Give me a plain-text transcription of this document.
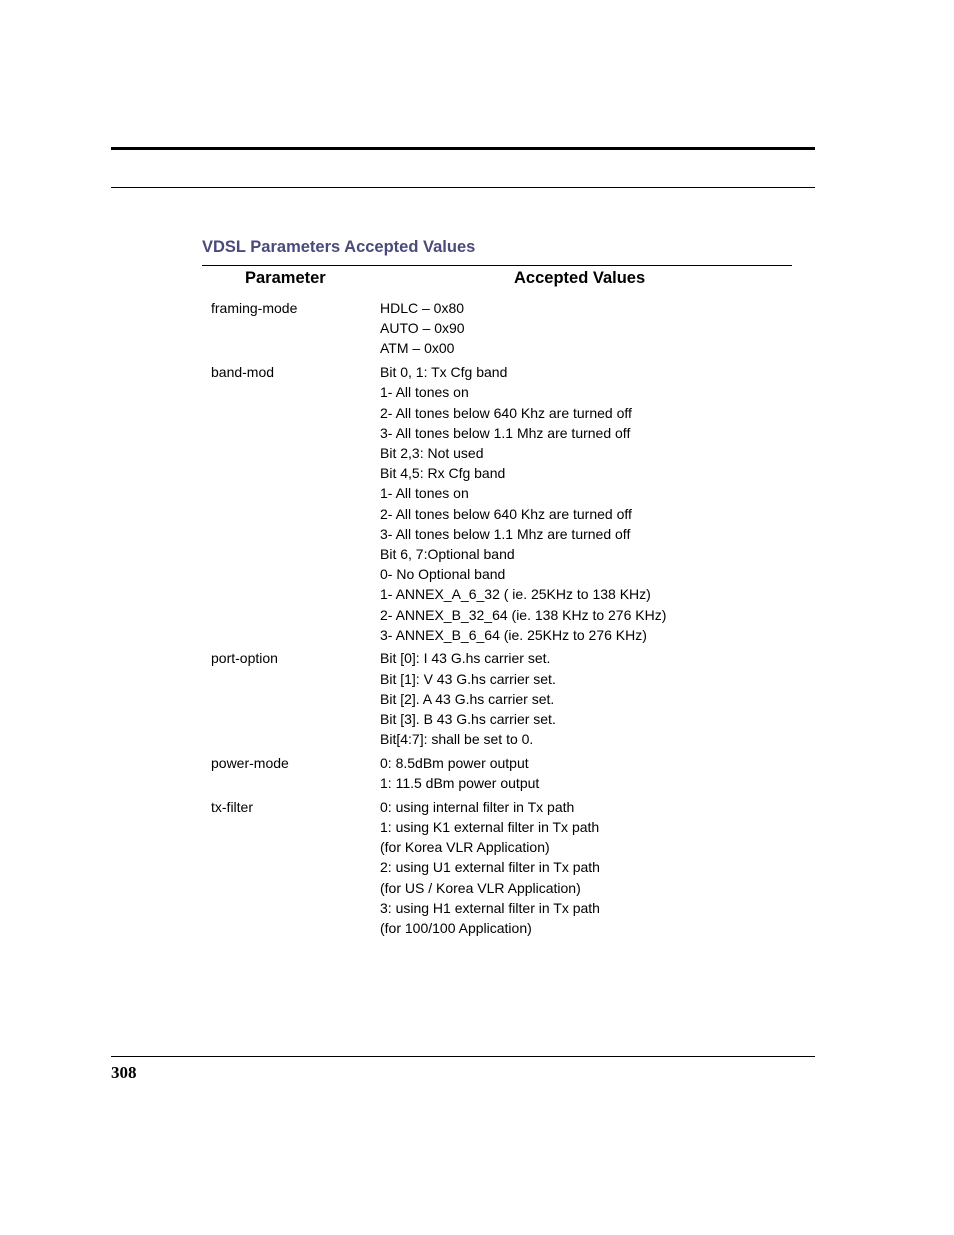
VDSL Parameters Accepted Values
Parameter	Accepted Values
framing-mode	HDLC – 0x80
AUTO – 0x90
ATM – 0x00
band-mod	Bit 0, 1: Tx Cfg band
1- All tones on
2- All tones below 640 Khz are turned off
3- All tones below 1.1 Mhz are turned off
Bit 2,3: Not used
Bit 4,5: Rx Cfg band
1- All tones on
2- All tones below 640 Khz are turned off
3- All tones below 1.1 Mhz are turned off
Bit 6, 7:Optional band
0- No Optional band
1- ANNEX_A_6_32 ( ie. 25KHz to 138 KHz)
2- ANNEX_B_32_64 (ie. 138 KHz to 276 KHz)
3- ANNEX_B_6_64 (ie. 25KHz to 276 KHz)
port-option	Bit [0]: I 43 G.hs carrier set.
Bit [1]: V 43 G.hs carrier set.
Bit [2]. A 43 G.hs carrier set.
Bit [3]. B 43 G.hs carrier set.
Bit[4:7]: shall be set to 0.
power-mode	0: 8.5dBm power output
1: 11.5 dBm power output
tx-filter	0: using internal filter in Tx path
1: using K1 external filter in Tx path
(for Korea VLR Application)
2: using U1 external filter in Tx path
(for US / Korea VLR Application)
3: using H1 external filter in Tx path
(for 100/100 Application)
308
